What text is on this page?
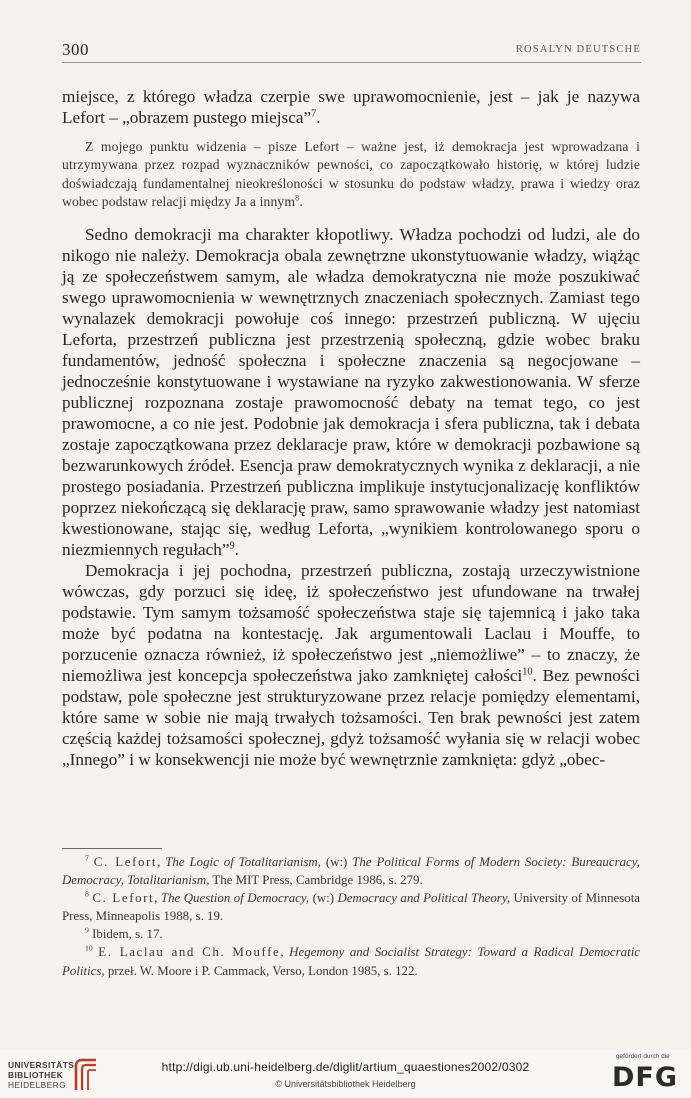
300	ROSALYN DEUTSCHE

miejsce, z którego władza czerpie swe uprawomocnienie, jest – jak je nazywa Lefort – „obrazem pustego miejsca”$^7$.

Z mojego punktu widzenia – pisze Lefort – ważne jest, iż demokracja jest wprowadzana i utrzymywana przez rozpad wyznaczników pewności, co zapoczątkowało historię, w której ludzie doświadczają fundamentalnej nieokreśloności w stosunku do podstaw władzy, prawa i wiedzy oraz wobec podstaw relacji między Ja a innym$^8$.

Sedno demokracji ma charakter kłopotliwy. Władza pochodzi od ludzi, ale do nikogo nie należy. Demokracja obala zewnętrzne ukonstytuowanie władzy, wiążąc ją ze społeczeństwem samym, ale władza demokratyczna nie może poszukiwać swego uprawomocnienia w wewnętrznych znaczeniach społecznych. Zamiast tego wynalazek demokracji powołuje coś innego: przestrzeń publiczną. W ujęciu Leforta, przestrzeń publiczna jest przestrzenią społeczną, gdzie wobec braku fundamentów, jedność społeczna i społeczne znaczenia są negocjowane – jednocześnie konstytuowane i wystawiane na ryzyko zakwestionowania. W sferze publicznej rozpoznana zostaje prawomocność debaty na temat tego, co jest prawomocne, a co nie jest. Podobnie jak demokracja i sfera publiczna, tak i debata zostaje zapoczątkowana przez deklaracje praw, które w demokracji pozbawione są bezwarunkowych źródeł. Esencja praw demokratycznych wynika z deklaracji, a nie prostego posiadania. Przestrzeń publiczna implikuje instytucjonalizację konfliktów poprzez niekończącą się deklarację praw, samo sprawowanie władzy jest natomiast kwestionowane, stając się, według Leforta, „wynikiem kontrolowanego sporu o niezmiennych regułach”$^9$.

Demokracja i jej pochodna, przestrzeń publiczna, zostają urzeczywistnione wówczas, gdy porzuci się ideę, iż społeczeństwo jest ufundowane na trwałej podstawie. Tym samym tożsamość społeczeństwa staje się tajemnicą i jako taka może być podatna na kontestację. Jak argumentowali Laclau i Mouffe, to porzucenie oznacza również, iż społeczeństwo jest „niemożliwe” – to znaczy, że niemożliwa jest koncepcja społeczeństwa jako zamkniętej całości$^{10}$. Bez pewności podstaw, pole społeczne jest strukturyzowane przez relacje pomiędzy elementami, które same w sobie nie mają trwałych tożsamości. Ten brak pewności jest zatem częścią każdej tożsamości społecznej, gdyż tożsamość wyłania się w relacji wobec „Innego” i w konsekwencji nie może być wewnętrznie zamknięta: gdyż „obec-

$^7$ C. Lefort, The Logic of Totalitarianism, (w:) The Political Forms of Modern Society: Bureaucracy, Democracy, Totalitarianism, The MIT Press, Cambridge 1986, s. 279.

$^8$ C. Lefort, The Question of Democracy, (w:) Democracy and Political Theory, University of Minnesota Press, Minneapolis 1988, s. 19.

$^9$ Ibidem, s. 17.

$^{10}$ E. Laclau and Ch. Mouffe, Hegemony and Socialist Strategy: Toward a Radical Democratic Politics, przeł. W. Moore i P. Cammack, Verso, London 1985, s. 122.

UNIVERSITÄTS-
BIBLIOTHEK
HEIDELBERG
http://digi.ub.uni-heidelberg.de/diglit/artium_quaestiones2002/0302
© Universitätsbibliothek Heidelberg
gefördert durch die
DFG
